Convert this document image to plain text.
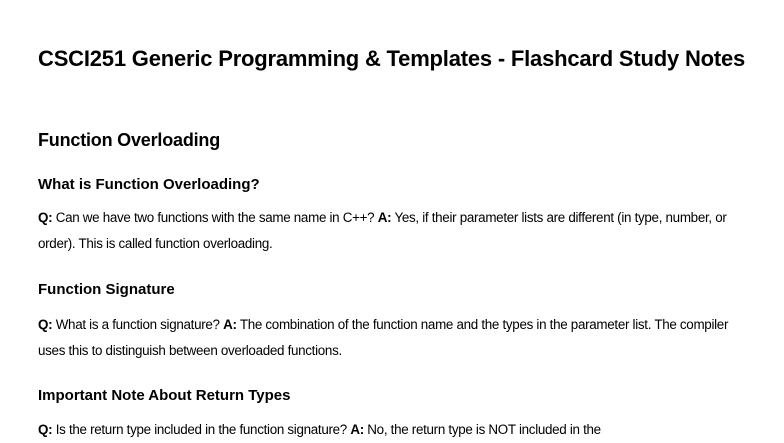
CSCI251 Generic Programming & Templates - Flashcard Study Notes
Function Overloading
What is Function Overloading?

Q: Can we have two functions with the same name in C++? A: Yes, if their parameter lists are different (in type, number, or order). This is called function overloading.

Function Signature

Q: What is a function signature? A: The combination of the function name and the types in the parameter list. The compiler uses this to distinguish between overloaded functions.

Important Note About Return Types

Q: Is the return type included in the function signature? A: No, the return type is NOT included in the
